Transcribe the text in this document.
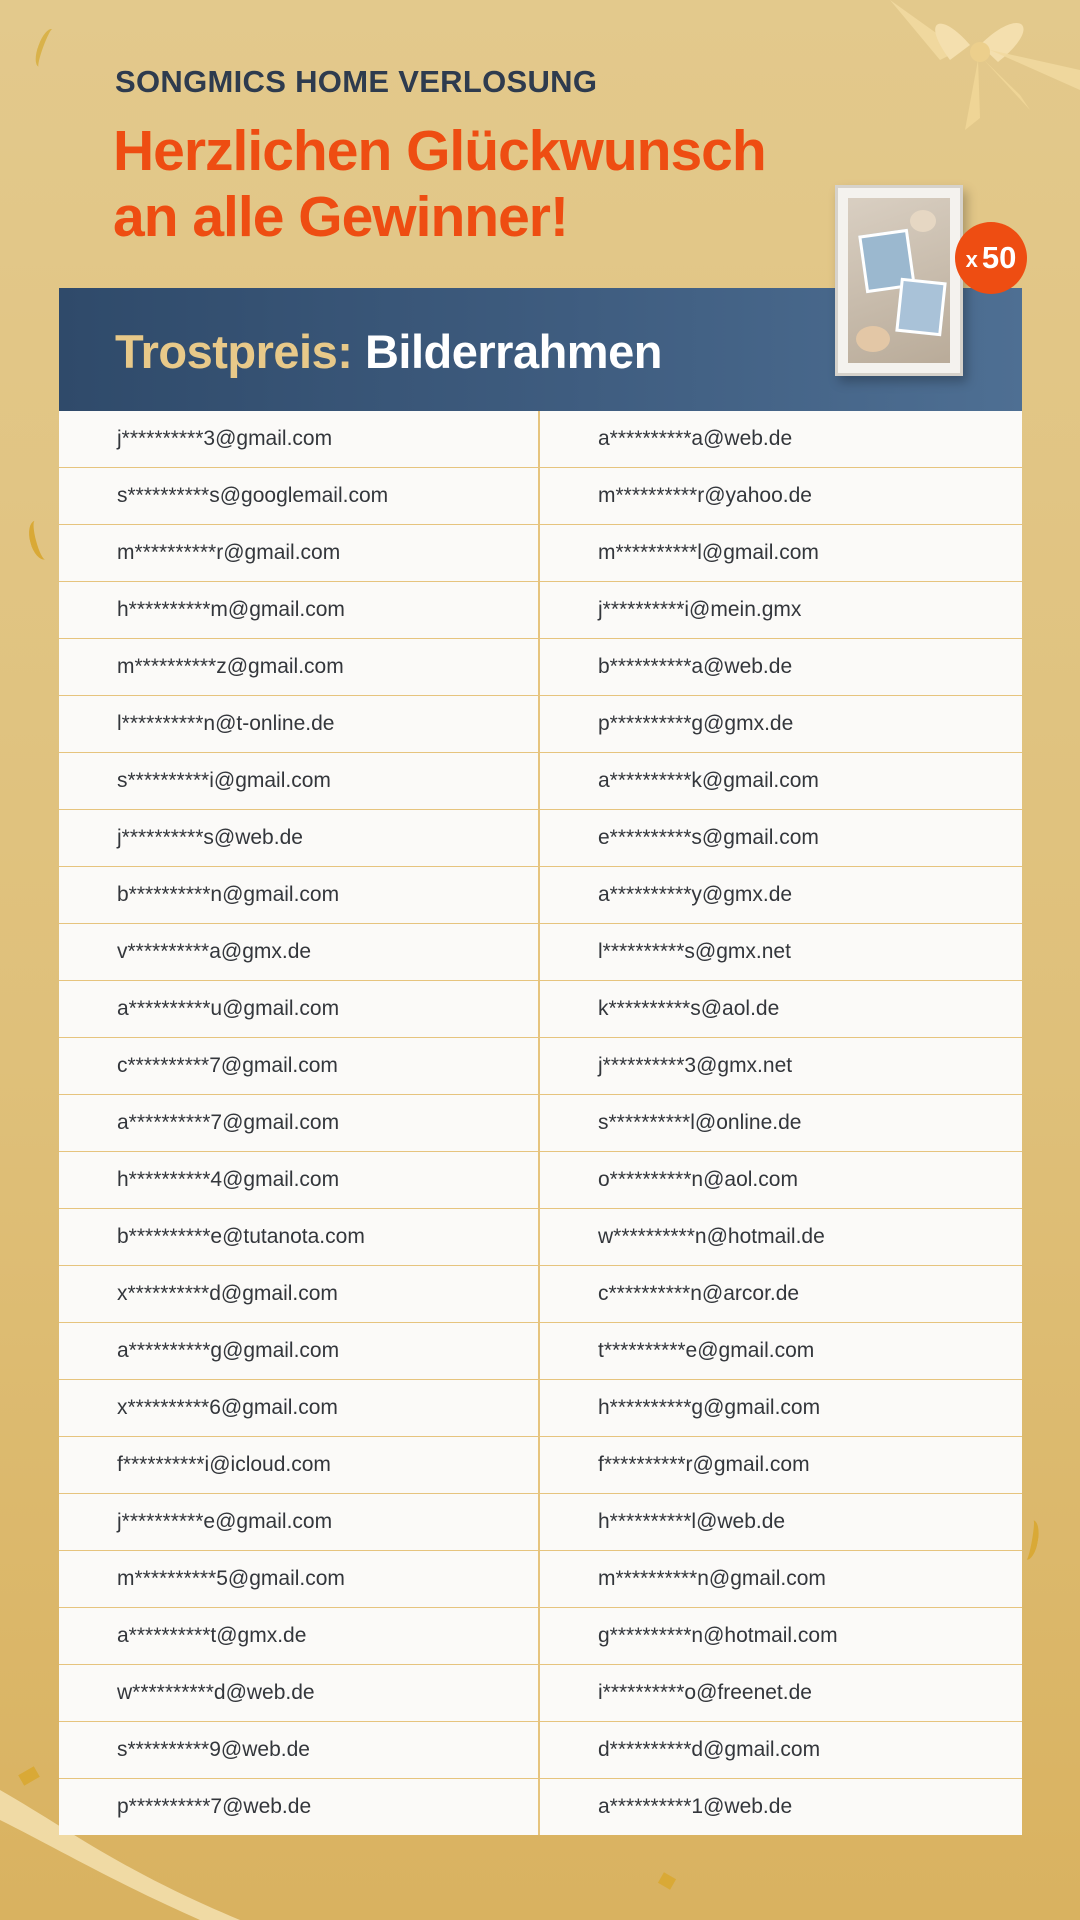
SONGMICS HOME VERLOSUNG
Herzlichen Glückwunsch
an alle Gewinner!
Trostpreis: Bilderrahmen
x 50
j**********3@gmail.com	a**********a@web.de
s**********s@googlemail.com	m**********r@yahoo.de
m**********r@gmail.com	m**********l@gmail.com
h**********m@gmail.com	j**********i@mein.gmx
m**********z@gmail.com	b**********a@web.de
l**********n@t-online.de	p**********g@gmx.de
s**********i@gmail.com	a**********k@gmail.com
j**********s@web.de	e**********s@gmail.com
b**********n@gmail.com	a**********y@gmx.de
v**********a@gmx.de	l**********s@gmx.net
a**********u@gmail.com	k**********s@aol.de
c**********7@gmail.com	j**********3@gmx.net
a**********7@gmail.com	s**********l@online.de
h**********4@gmail.com	o**********n@aol.com
b**********e@tutanota.com	w**********n@hotmail.de
x**********d@gmail.com	c**********n@arcor.de
a**********g@gmail.com	t**********e@gmail.com
x**********6@gmail.com	h**********g@gmail.com
f**********i@icloud.com	f**********r@gmail.com
j**********e@gmail.com	h**********l@web.de
m**********5@gmail.com	m**********n@gmail.com
a**********t@gmx.de	g**********n@hotmail.com
w**********d@web.de	i**********o@freenet.de
s**********9@web.de	d**********d@gmail.com
p**********7@web.de	a**********1@web.de
